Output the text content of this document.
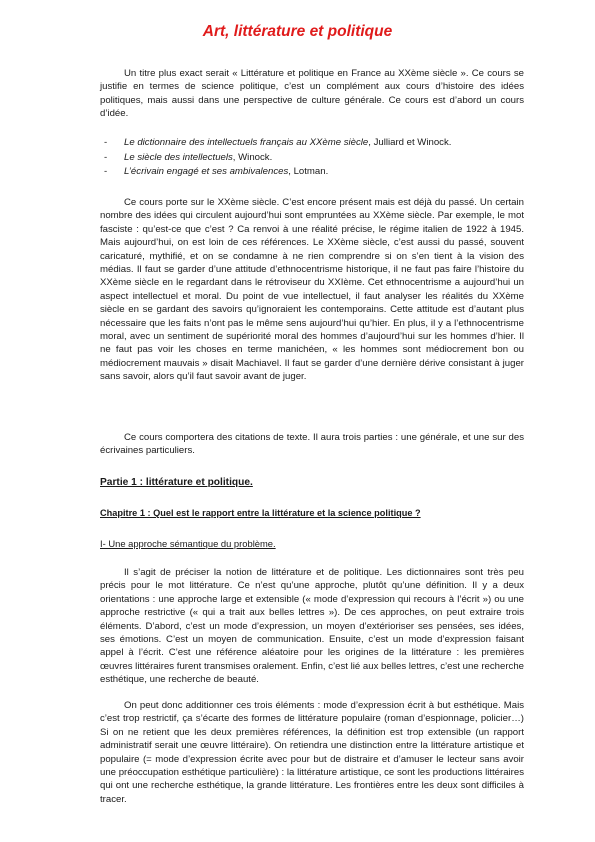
Art, littérature et politique

Un titre plus exact serait « Littérature et politique en France au XXème siècle ». Ce cours se justifie en termes de science politique, c’est un complément aux cours d’histoire des idées politiques, mais aussi dans une perspective de culture générale. Ce cours est d’abord un cours d’idée.

- Le dictionnaire des intellectuels français au XXème siècle, Julliard et Winock.
- Le siècle des intellectuels, Winock.
- L’écrivain engagé et ses ambivalences, Lotman.

Ce cours porte sur le XXème siècle. C’est encore présent mais est déjà du passé. Un certain nombre des idées qui circulent aujourd’hui sont empruntées au XXème siècle. Par exemple, le mot fasciste : qu’est-ce que c’est ? Ca renvoi à une réalité précise, le régime italien de 1922 à 1945. Mais aujourd’hui, on est loin de ces références. Le XXème siècle, c’est aussi du passé, souvent caricaturé, mythifié, et on se condamne à ne rien comprendre si on s’en tient à la vision des médias. Il faut se garder d’une attitude d’ethnocentrisme historique, il ne faut pas faire l’histoire du XXème siècle en le regardant dans le rétroviseur du XXIème. Cet ethnocentrisme a aujourd’hui un aspect intellectuel et moral. Du point de vue intellectuel, il faut analyser les réalités du XXème siècle en se gardant des savoirs qu’ignoraient les contemporains. Cette attitude est d’autant plus nécessaire que les faits n’ont pas le même sens aujourd’hui qu’hier. En plus, il y a l’ethnocentrisme moral, avec un sentiment de supériorité moral des hommes d’aujourd’hui sur les hommes d’hier. Il ne faut pas voir les choses en terme manichéen, « les hommes sont médiocrement bon ou médiocrement mauvais » disait Machiavel. Il faut se garder d’une dernière dérive consistant à juger sans savoir, alors qu’il faut savoir avant de juger.

Ce cours comportera des citations de texte. Il aura trois parties : une générale, et une sur des écrivaines particuliers.

Partie 1 : littérature et politique.
Chapitre 1 : Quel est le rapport entre la littérature et la science politique ?
I- Une approche sémantique du problème.

Il s’agit de préciser la notion de littérature et de politique. Les dictionnaires sont très peu précis pour le mot littérature. Ce n’est qu’une approche, plutôt qu’une définition. Il y a deux orientations : une approche large et extensible (« mode d’expression qui recours à l’écrit ») ou une approche restrictive (« qui a trait aux belles lettres »). De ces approches, on peut extraire trois éléments. D’abord, c’est un mode d’expression, un moyen d’extérioriser ses pensées, ses idées, ses émotions. C’est un moyen de communication. Ensuite, c’est un mode d’expression faisant appel à l’écrit. C’est une référence aléatoire pour les origines de la littérature : les premières œuvres littéraires furent transmises oralement. Enfin, c’est lié aux belles lettres, c’est une recherche esthétique, une recherche de beauté.

On peut donc additionner ces trois éléments : mode d’expression écrit à but esthétique. Mais c’est trop restrictif, ça s’écarte des formes de littérature populaire (roman d’espionnage, policier…) Si on ne retient que les deux premières références, la définition est trop extensible (un rapport administratif serait une œuvre littéraire). On retiendra une distinction entre la littérature artistique et populaire (= mode d’expression écrite avec pour but de distraire et d’amuser le lecteur sans avoir une préoccupation esthétique particulière) : la littérature artistique, ce sont les productions littéraires qui ont une recherche esthétique, la grande littérature. Les frontières entre les deux sont difficiles à tracer.
